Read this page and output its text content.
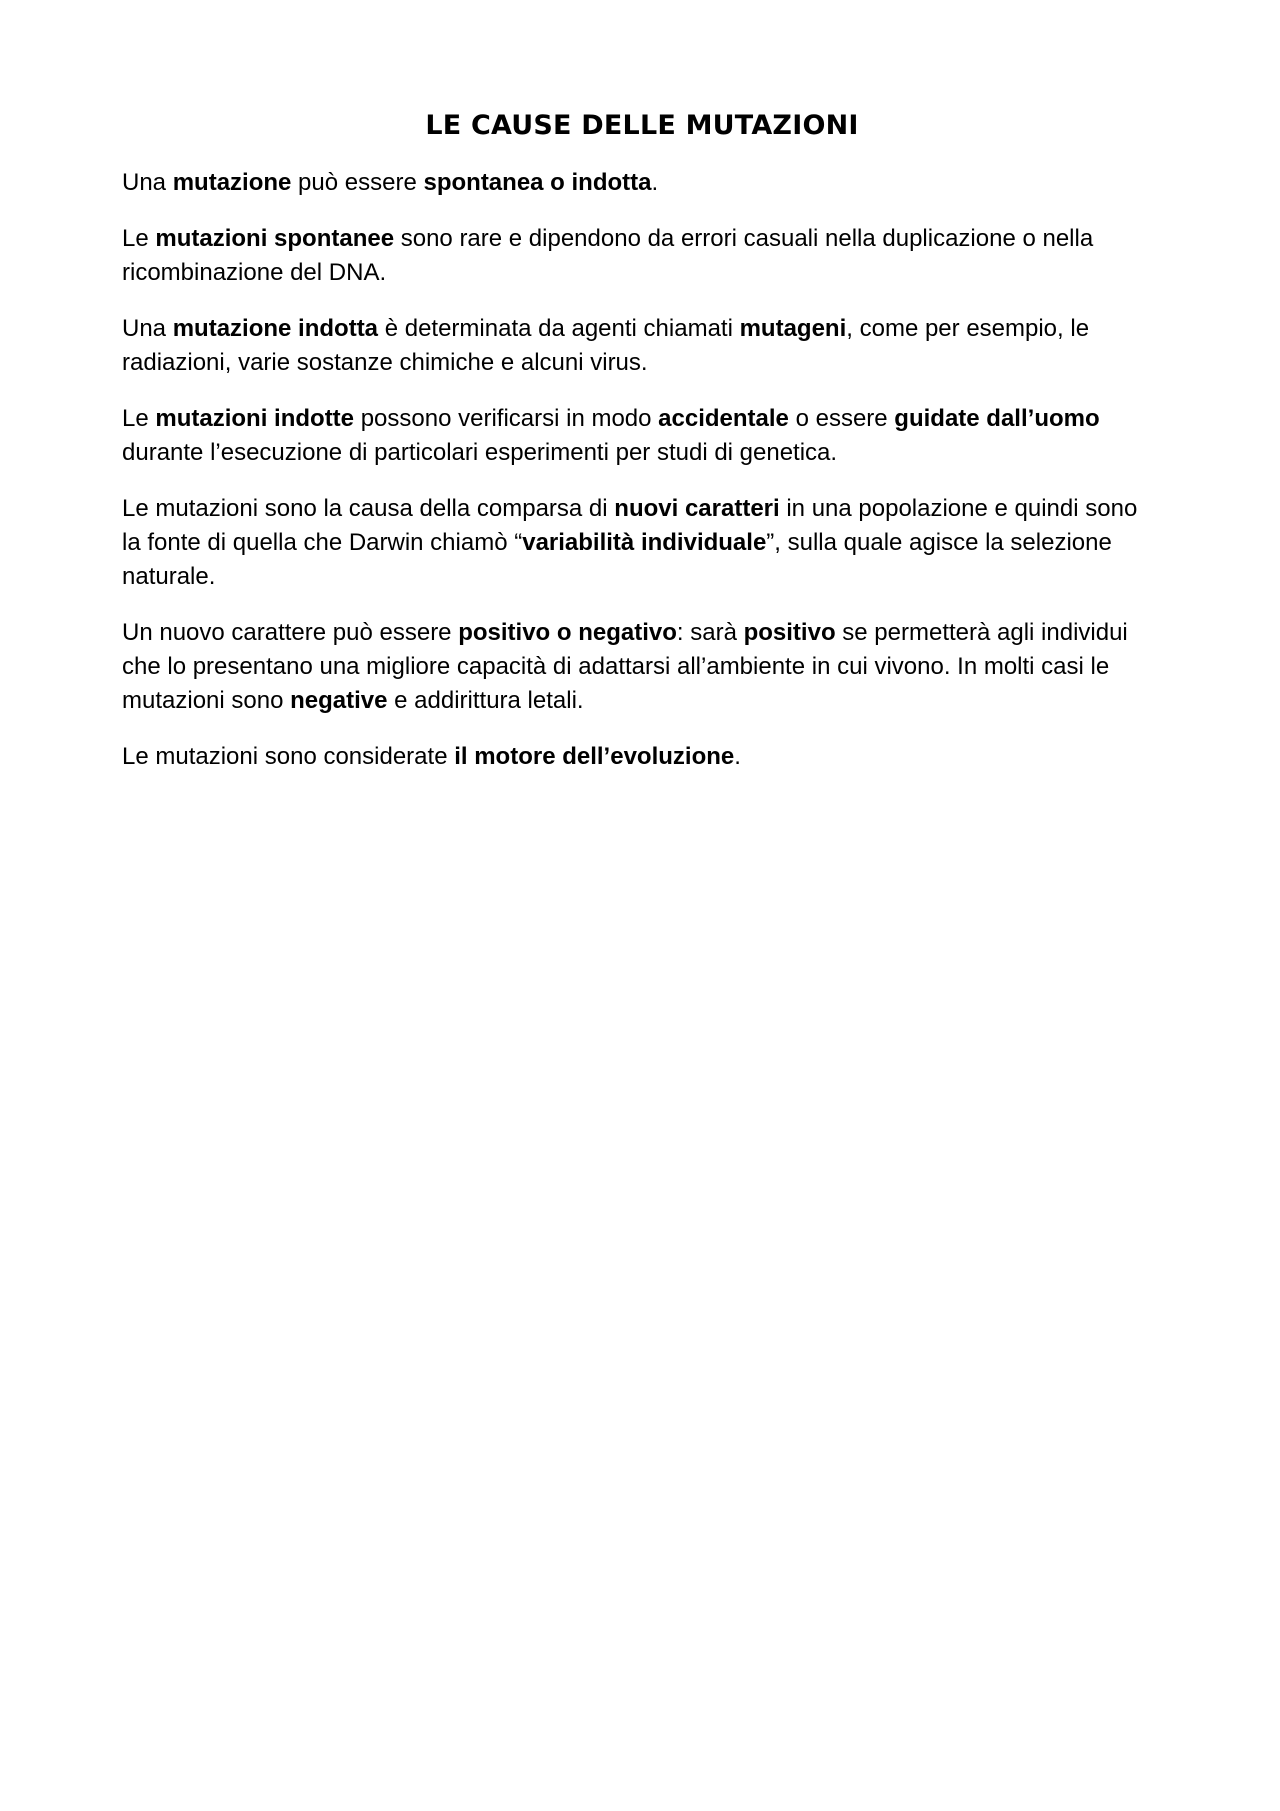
LE CAUSE DELLE MUTAZIONI

Una mutazione può essere spontanea o indotta.

Le mutazioni spontanee sono rare e dipendono da errori casuali nella duplicazione o nella ricombinazione del DNA.

Una mutazione indotta è determinata da agenti chiamati mutageni, come per esempio, le radiazioni, varie sostanze chimiche e alcuni virus.

Le mutazioni indotte possono verificarsi in modo accidentale o essere guidate dall’uomo durante l’esecuzione di particolari esperimenti per studi di genetica.

Le mutazioni sono la causa della comparsa di nuovi caratteri in una popolazione e quindi sono la fonte di quella che Darwin chiamò “variabilità individuale”, sulla quale agisce la selezione naturale.

Un nuovo carattere può essere positivo o negativo: sarà positivo se permetterà agli individui che lo presentano una migliore capacità di adattarsi all’ambiente in cui vivono. In molti casi le mutazioni sono negative e addirittura letali.

Le mutazioni sono considerate il motore dell’evoluzione.
